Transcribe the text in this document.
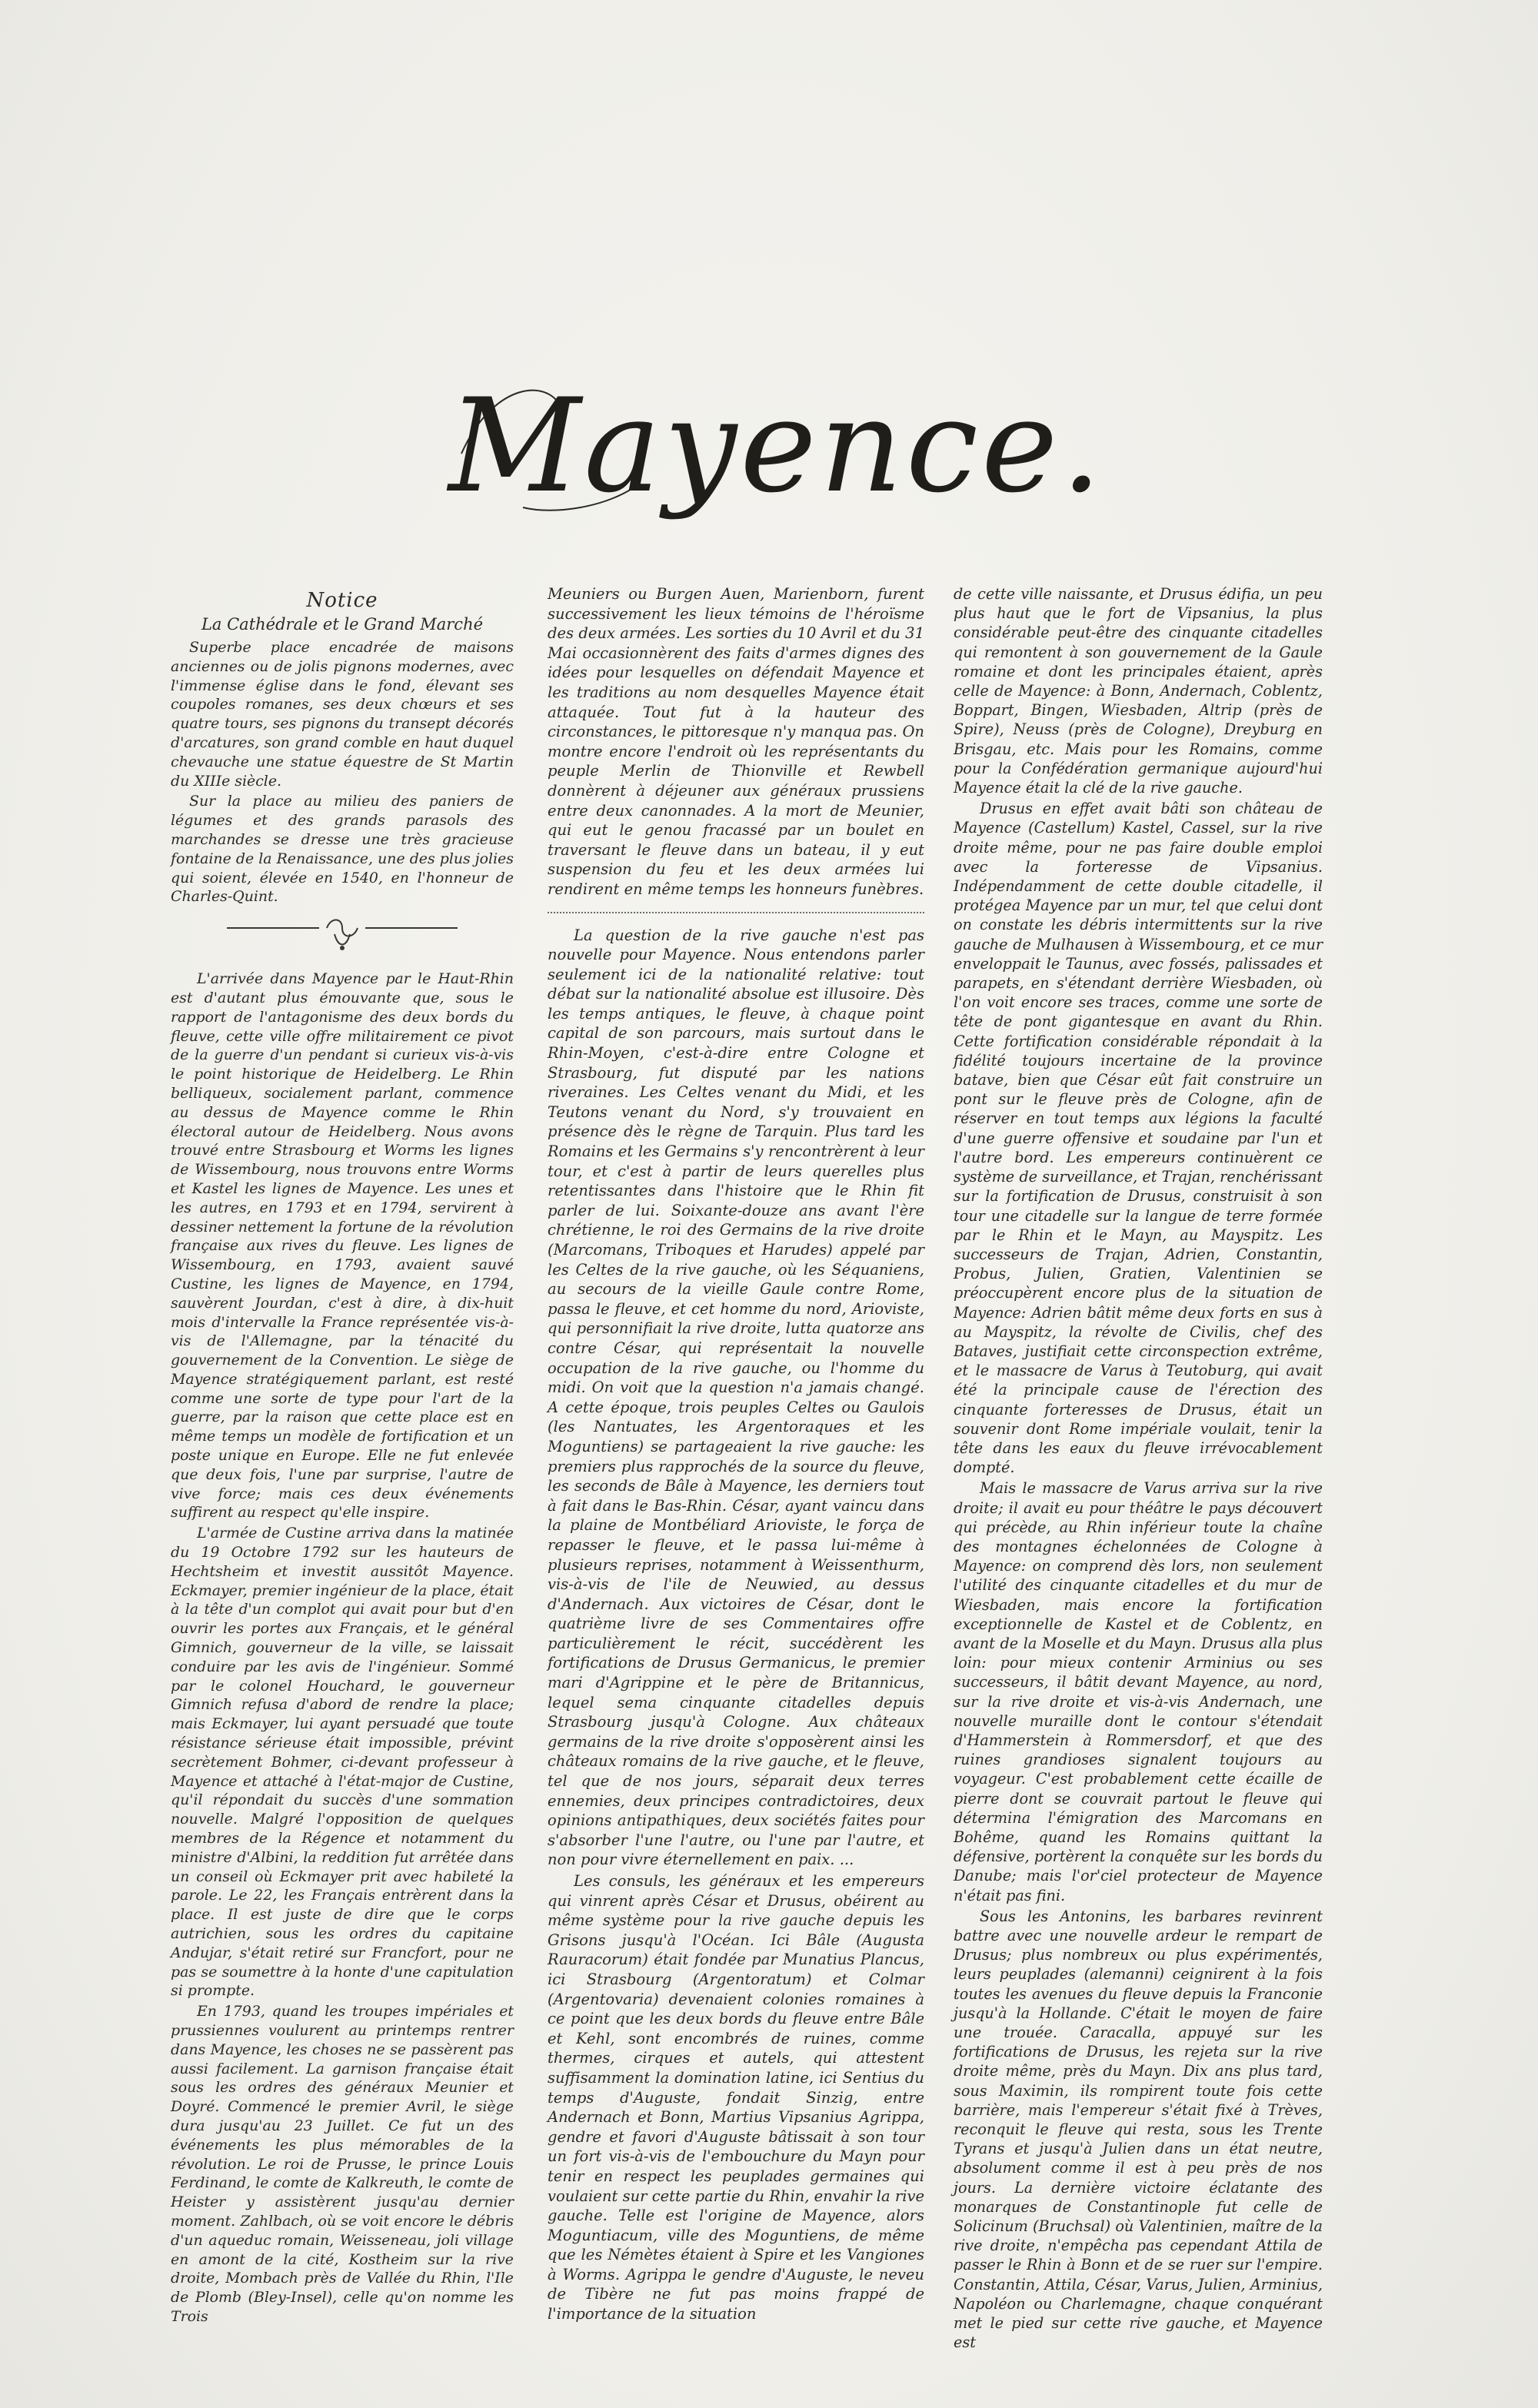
Mayence.
Notice
La Cathédrale et le Grand Marché

Superbe place encadrée de maisons anciennes ou de jolis pignons modernes, avec l'immense église dans le fond, élevant ses coupoles romanes, ses deux chœurs et ses quatre tours, ses pignons du transept décorés d'arcatures, son grand comble en haut duquel chevauche une statue équestre de St Martin du XIIIe siècle.

Sur la place au milieu des paniers de légumes et des grands parasols des marchandes se dresse une très gracieuse fontaine de la Renaissance, une des plus jolies qui soient, élevée en 1540, en l'honneur de Charles-Quint.

L'arrivée dans Mayence par le Haut-Rhin est d'autant plus émouvante que, sous le rapport de l'antagonisme des deux bords du fleuve, cette ville offre militairement ce pivot de la guerre d'un pendant si curieux vis-à-vis le point historique de Heidelberg. Le Rhin belliqueux, socialement parlant, commence au dessus de Mayence comme le Rhin électoral autour de Heidelberg. Nous avons trouvé entre Strasbourg et Worms les lignes de Wissembourg, nous trouvons entre Worms et Kastel les lignes de Mayence. Les unes et les autres, en 1793 et en 1794, servirent à dessiner nettement la fortune de la révolution française aux rives du fleuve. Les lignes de Wissembourg, en 1793, avaient sauvé Custine, les lignes de Mayence, en 1794, sauvèrent Jourdan, c'est à dire, à dix-huit mois d'intervalle la France représentée vis-à-vis de l'Allemagne, par la ténacité du gouvernement de la Convention. Le siège de Mayence stratégiquement parlant, est resté comme une sorte de type pour l'art de la guerre, par la raison que cette place est en même temps un modèle de fortification et un poste unique en Europe. Elle ne fut enlevée que deux fois, l'une par surprise, l'autre de vive force; mais ces deux événements suffirent au respect qu'elle inspire.

L'armée de Custine arriva dans la matinée du 19 Octobre 1792 sur les hauteurs de Hechtsheim et investit aussitôt Mayence. Eckmayer, premier ingénieur de la place, était à la tête d'un complot qui avait pour but d'en ouvrir les portes aux Français, et le général Gimnich, gouverneur de la ville, se laissait conduire par les avis de l'ingénieur. Sommé par le colonel Houchard, le gouverneur Gimnich refusa d'abord de rendre la place; mais Eckmayer, lui ayant persuadé que toute résistance sérieuse était impossible, prévint secrètement Bohmer, ci-devant professeur à Mayence et attaché à l'état-major de Custine, qu'il répondait du succès d'une sommation nouvelle. Malgré l'opposition de quelques membres de la Régence et notamment du ministre d'Albini, la reddition fut arrêtée dans un conseil où Eckmayer prit avec habileté la parole. Le 22, les Français entrèrent dans la place. Il est juste de dire que le corps autrichien, sous les ordres du capitaine Andujar, s'était retiré sur Francfort, pour ne pas se soumettre à la honte d'une capitulation si prompte.

En 1793, quand les troupes impériales et prussiennes voulurent au printemps rentrer dans Mayence, les choses ne se passèrent pas aussi facilement. La garnison française était sous les ordres des généraux Meunier et Doyré. Commencé le premier Avril, le siège dura jusqu'au 23 Juillet. Ce fut un des événements les plus mémorables de la révolution. Le roi de Prusse, le prince Louis Ferdinand, le comte de Kalkreuth, le comte de Heister y assistèrent jusqu'au dernier moment. Zahlbach, où se voit encore le débris d'un aqueduc romain, Weisseneau, joli village en amont de la cité, Kostheim sur la rive droite, Mombach près de Vallée du Rhin, l'Ile de Plomb (Bley-Insel), celle qu'on nomme les Trois

Meuniers ou Burgen Auen, Marienborn, furent successivement les lieux témoins de l'héroïsme des deux armées. Les sorties du 10 Avril et du 31 Mai occasionnèrent des faits d'armes dignes des idées pour lesquelles on défendait Mayence et les traditions au nom desquelles Mayence était attaquée. Tout fut à la hauteur des circonstances, le pittoresque n'y manqua pas. On montre encore l'endroit où les représentants du peuple Merlin de Thionville et Rewbell donnèrent à déjeuner aux généraux prussiens entre deux canonnades. A la mort de Meunier, qui eut le genou fracassé par un boulet en traversant le fleuve dans un bateau, il y eut suspension du feu et les deux armées lui rendirent en même temps les honneurs funèbres.

La question de la rive gauche n'est pas nouvelle pour Mayence. Nous entendons parler seulement ici de la nationalité relative: tout débat sur la nationalité absolue est illusoire. Dès les temps antiques, le fleuve, à chaque point capital de son parcours, mais surtout dans le Rhin-Moyen, c'est-à-dire entre Cologne et Strasbourg, fut disputé par les nations riveraines. Les Celtes venant du Midi, et les Teutons venant du Nord, s'y trouvaient en présence dès le règne de Tarquin. Plus tard les Romains et les Germains s'y rencontrèrent à leur tour, et c'est à partir de leurs querelles plus retentissantes dans l'histoire que le Rhin fit parler de lui. Soixante-douze ans avant l'ère chrétienne, le roi des Germains de la rive droite (Marcomans, Triboques et Harudes) appelé par les Celtes de la rive gauche, où les Séquaniens, au secours de la vieille Gaule contre Rome, passa le fleuve, et cet homme du nord, Arioviste, qui personnifiait la rive droite, lutta quatorze ans contre César, qui représentait la nouvelle occupation de la rive gauche, ou l'homme du midi. On voit que la question n'a jamais changé. A cette époque, trois peuples Celtes ou Gaulois (les Nantuates, les Argentoraques et les Moguntiens) se partageaient la rive gauche: les premiers plus rapprochés de la source du fleuve, les seconds de Bâle à Mayence, les derniers tout à fait dans le Bas-Rhin. César, ayant vaincu dans la plaine de Montbéliard Arioviste, le força de repasser le fleuve, et le passa lui-même à plusieurs reprises, notamment à Weissenthurm, vis-à-vis de l'ile de Neuwied, au dessus d'Andernach. Aux victoires de César, dont le quatrième livre de ses Commentaires offre particulièrement le récit, succédèrent les fortifications de Drusus Germanicus, le premier mari d'Agrippine et le père de Britannicus, lequel sema cinquante citadelles depuis Strasbourg jusqu'à Cologne. Aux châteaux germains de la rive droite s'opposèrent ainsi les châteaux romains de la rive gauche, et le fleuve, tel que de nos jours, séparait deux terres ennemies, deux principes contradictoires, deux opinions antipathiques, deux sociétés faites pour s'absorber l'une l'autre, ou l'une par l'autre, et non pour vivre éternellement en paix. ...

Les consuls, les généraux et les empereurs qui vinrent après César et Drusus, obéirent au même système pour la rive gauche depuis les Grisons jusqu'à l'Océan. Ici Bâle (Augusta Rauracorum) était fondée par Munatius Plancus, ici Strasbourg (Argentoratum) et Colmar (Argentovaria) devenaient colonies romaines à ce point que les deux bords du fleuve entre Bâle et Kehl, sont encombrés de ruines, comme thermes, cirques et autels, qui attestent suffisamment la domination latine, ici Sentius du temps d'Auguste, fondait Sinzig, entre Andernach et Bonn, Martius Vipsanius Agrippa, gendre et favori d'Auguste bâtissait à son tour un fort vis-à-vis de l'embouchure du Mayn pour tenir en respect les peuplades germaines qui voulaient sur cette partie du Rhin, envahir la rive gauche. Telle est l'origine de Mayence, alors Moguntiacum, ville des Moguntiens, de même que les Némètes étaient à Spire et les Vangiones à Worms. Agrippa le gendre d'Auguste, le neveu de Tibère ne fut pas moins frappé de l'importance de la situation

de cette ville naissante, et Drusus édifia, un peu plus haut que le fort de Vipsanius, la plus considérable peut-être des cinquante citadelles qui remontent à son gouvernement de la Gaule romaine et dont les principales étaient, après celle de Mayence: à Bonn, Andernach, Coblentz, Boppart, Bingen, Wiesbaden, Altrip (près de Spire), Neuss (près de Cologne), Dreyburg en Brisgau, etc. Mais pour les Romains, comme pour la Confédération germanique aujourd'hui Mayence était la clé de la rive gauche.

Drusus en effet avait bâti son château de Mayence (Castellum) Kastel, Cassel, sur la rive droite même, pour ne pas faire double emploi avec la forteresse de Vipsanius. Indépendamment de cette double citadelle, il protégea Mayence par un mur, tel que celui dont on constate les débris intermittents sur la rive gauche de Mulhausen à Wissembourg, et ce mur enveloppait le Taunus, avec fossés, palissades et parapets, en s'étendant derrière Wiesbaden, où l'on voit encore ses traces, comme une sorte de tête de pont gigantesque en avant du Rhin. Cette fortification considérable répondait à la fidélité toujours incertaine de la province batave, bien que César eût fait construire un pont sur le fleuve près de Cologne, afin de réserver en tout temps aux légions la faculté d'une guerre offensive et soudaine par l'un et l'autre bord. Les empereurs continuèrent ce système de surveillance, et Trajan, renchérissant sur la fortification de Drusus, construisit à son tour une citadelle sur la langue de terre formée par le Rhin et le Mayn, au Mayspitz. Les successeurs de Trajan, Adrien, Constantin, Probus, Julien, Gratien, Valentinien se préoccupèrent encore plus de la situation de Mayence: Adrien bâtit même deux forts en sus à au Mayspitz, la révolte de Civilis, chef des Bataves, justifiait cette circonspection extrême, et le massacre de Varus à Teutoburg, qui avait été la principale cause de l'érection des cinquante forteresses de Drusus, était un souvenir dont Rome impériale voulait, tenir la tête dans les eaux du fleuve irrévocablement dompté.

Mais le massacre de Varus arriva sur la rive droite; il avait eu pour théâtre le pays découvert qui précède, au Rhin inférieur toute la chaîne des montagnes échelonnées de Cologne à Mayence: on comprend dès lors, non seulement l'utilité des cinquante citadelles et du mur de Wiesbaden, mais encore la fortification exceptionnelle de Kastel et de Coblentz, en avant de la Moselle et du Mayn. Drusus alla plus loin: pour mieux contenir Arminius ou ses successeurs, il bâtit devant Mayence, au nord, sur la rive droite et vis-à-vis Andernach, une nouvelle muraille dont le contour s'étendait d'Hammerstein à Rommersdorf, et que des ruines grandioses signalent toujours au voyageur. C'est probablement cette écaille de pierre dont se couvrait partout le fleuve qui détermina l'émigration des Marcomans en Bohême, quand les Romains quittant la défensive, portèrent la conquête sur les bords du Danube; mais l'or'ciel protecteur de Mayence n'était pas fini.

Sous les Antonins, les barbares revinrent battre avec une nouvelle ardeur le rempart de Drusus; plus nombreux ou plus expérimentés, leurs peuplades (alemanni) ceignirent à la fois toutes les avenues du fleuve depuis la Franconie jusqu'à la Hollande. C'était le moyen de faire une trouée. Caracalla, appuyé sur les fortifications de Drusus, les rejeta sur la rive droite même, près du Mayn. Dix ans plus tard, sous Maximin, ils rompirent toute fois cette barrière, mais l'empereur s'était fixé à Trèves, reconquit le fleuve qui resta, sous les Trente Tyrans et jusqu'à Julien dans un état neutre, absolument comme il est à peu près de nos jours. La dernière victoire éclatante des monarques de Constantinople fut celle de Solicinum (Bruchsal) où Valentinien, maître de la rive droite, n'empêcha pas cependant Attila de passer le Rhin à Bonn et de se ruer sur l'empire. Constantin, Attila, César, Varus, Julien, Arminius, Napoléon ou Charlemagne, chaque conquérant met le pied sur cette rive gauche, et Mayence est
